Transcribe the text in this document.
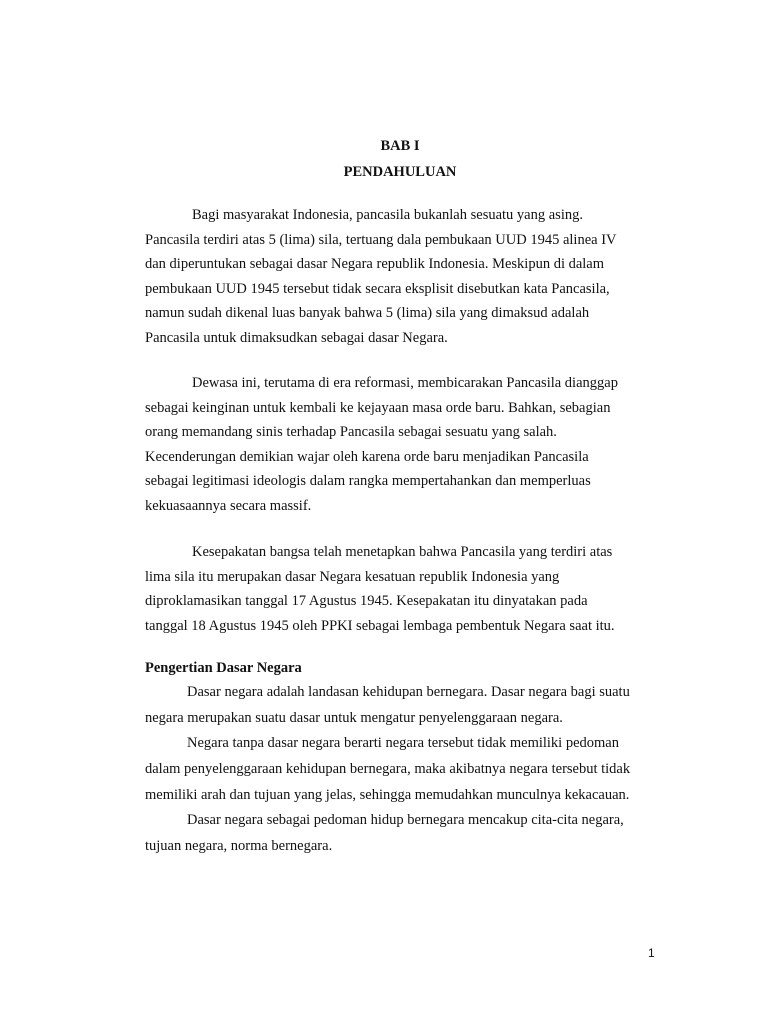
BAB I
PENDAHULUAN
Bagi masyarakat Indonesia, pancasila bukanlah sesuatu yang asing.
Pancasila terdiri atas 5 (lima) sila, tertuang dala pembukaan UUD 1945 alinea IV
dan diperuntukan sebagai dasar Negara republik Indonesia. Meskipun di dalam
pembukaan UUD 1945 tersebut tidak secara eksplisit disebutkan kata Pancasila,
namun sudah dikenal luas banyak bahwa 5 (lima) sila yang dimaksud adalah
Pancasila untuk dimaksudkan sebagai dasar Negara.
Dewasa ini, terutama di era reformasi, membicarakan Pancasila dianggap
sebagai keinginan untuk kembali ke kejayaan masa orde baru. Bahkan, sebagian
orang memandang sinis terhadap Pancasila sebagai sesuatu yang salah.
Kecenderungan demikian wajar oleh karena orde baru menjadikan Pancasila
sebagai legitimasi ideologis dalam rangka mempertahankan dan memperluas
kekuasaannya secara massif.
Kesepakatan bangsa telah menetapkan bahwa Pancasila yang terdiri atas
lima sila itu merupakan dasar Negara kesatuan republik Indonesia yang
diproklamasikan tanggal 17 Agustus 1945. Kesepakatan itu dinyatakan pada
tanggal 18 Agustus 1945 oleh PPKI sebagai lembaga pembentuk Negara saat itu.
Pengertian Dasar Negara
Dasar negara adalah landasan kehidupan bernegara. Dasar negara bagi suatu
negara merupakan suatu dasar untuk mengatur penyelenggaraan negara.
Negara tanpa dasar negara berarti negara tersebut tidak memiliki pedoman
dalam penyelenggaraan kehidupan bernegara, maka akibatnya negara tersebut tidak
memiliki arah dan tujuan yang jelas, sehingga memudahkan munculnya kekacauan.
Dasar negara sebagai pedoman hidup bernegara mencakup cita-cita negara,
tujuan negara, norma bernegara.
1
